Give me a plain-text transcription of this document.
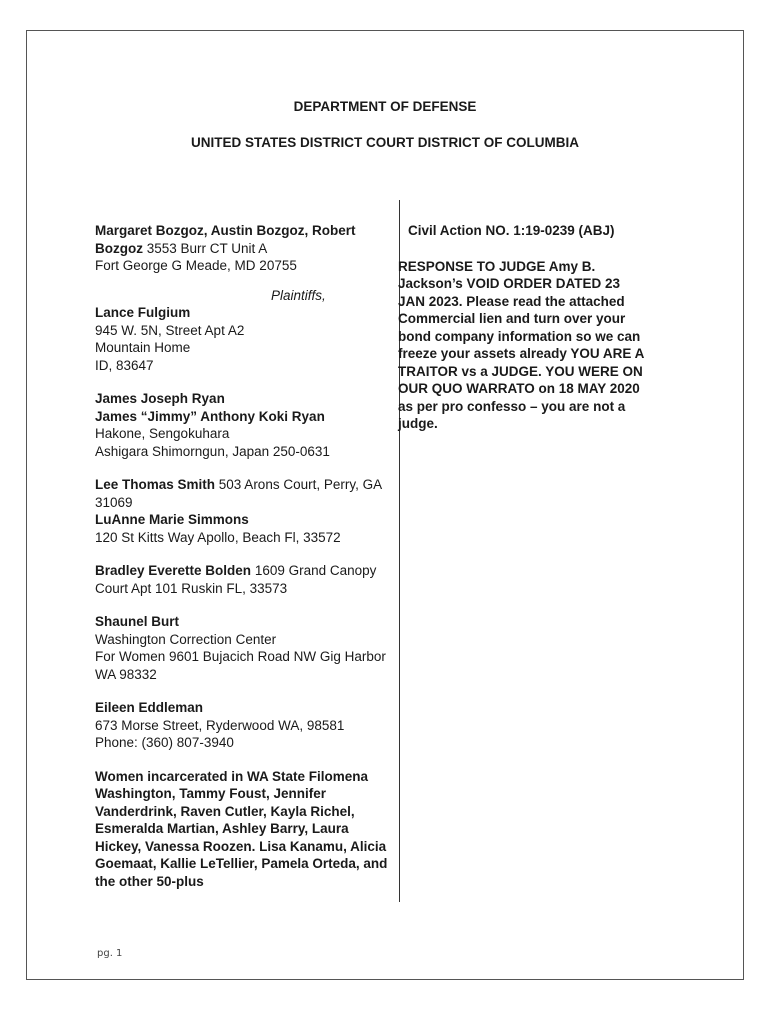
DEPARTMENT OF DEFENSE
UNITED STATES DISTRICT COURT DISTRICT OF COLUMBIA

Margaret Bozgoz, Austin Bozgoz, Robert Bozgoz 3553 Burr CT Unit A

Fort George G Meade, MD 20755

Plaintiffs,

Lance Fulgium

945 W. 5N, Street Apt A2

Mountain Home

ID, 83647

James Joseph Ryan

James “Jimmy” Anthony Koki Ryan

Hakone, Sengokuhara

Ashigara Shimorngun, Japan 250-0631

Lee Thomas Smith 503 Arons Court, Perry, GA 31069

LuAnne Marie Simmons

120 St Kitts Way Apollo, Beach Fl, 33572

Bradley Everette Bolden 1609 Grand Canopy Court Apt 101 Ruskin FL, 33573

Shaunel Burt

Washington Correction Center

For Women 9601 Bujacich Road NW Gig Harbor WA 98332

Eileen Eddleman

673 Morse Street, Ryderwood WA, 98581

Phone: (360) 807-3940

Women incarcerated in WA State Filomena Washington, Tammy Foust, Jennifer Vanderdrink, Raven Cutler, Kayla Richel, Esmeralda Martian, Ashley Barry, Laura Hickey, Vanessa Roozen. Lisa Kanamu, Alicia Goemaat, Kallie LeTellier, Pamela Orteda, and the other 50-plus

Civil Action NO. 1:19-0239 (ABJ)

RESPONSE TO JUDGE Amy B.
Jackson’s VOID ORDER DATED 23
JAN 2023. Please read the attached
Commercial lien and turn over your
bond company information so we can
freeze your assets already YOU ARE A
TRAITOR vs a JUDGE. YOU WERE ON
OUR QUO WARRATO on 18 MAY 2020
as per pro confesso – you are not a
judge.

pg. 1
